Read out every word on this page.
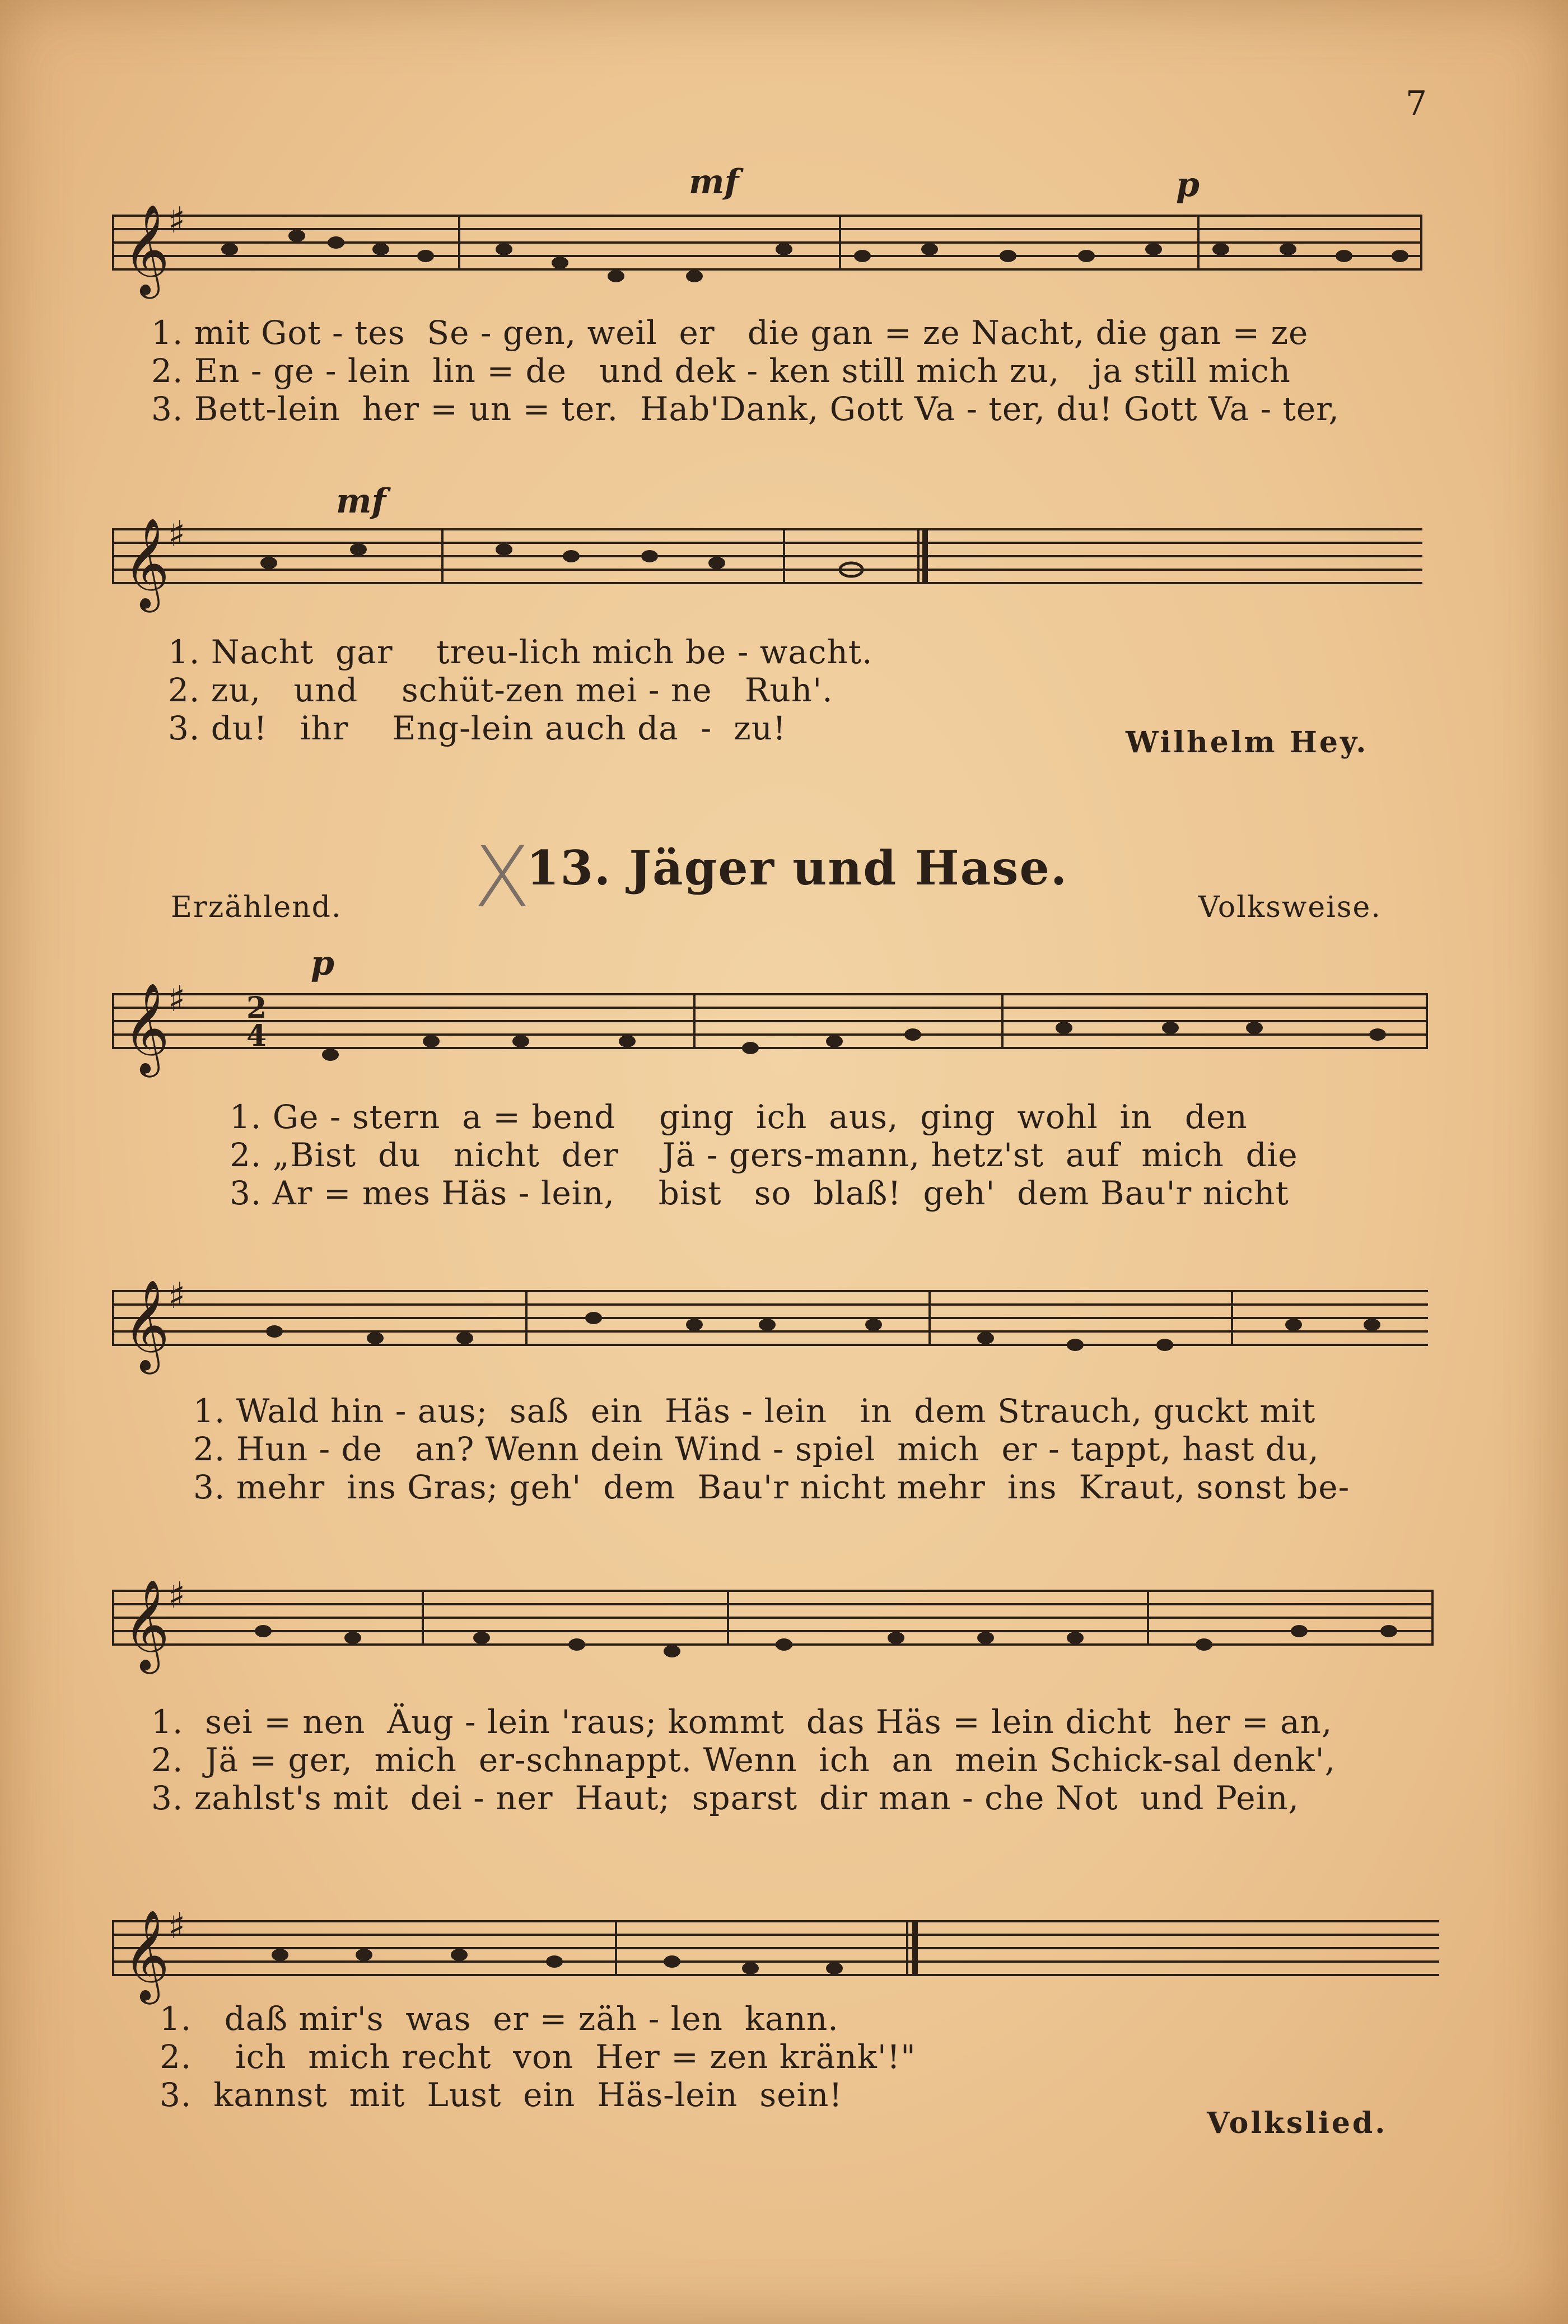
7
mf	p
𝄞
♯
1. mit Got - tes  Se - gen, weil  er   die gan = ze Nacht, die gan = ze
2. En - ge - lein  lin = de   und dek - ken still mich zu,   ja still mich
3. Bett-lein  her = un = ter.  Hab'Dank, Gott Va - ter, du! Gott Va - ter,
mf
𝄞
♯
1. Nacht  gar    treu-lich mich be - wacht.
2. zu,   und    schüt-zen mei - ne   Ruh'.
3. du!   ihr    Eng-lein auch da  -  zu!	Wilhelm Hey.
X
13. Jäger und Hase.
Erzählend.	Volksweise.
p
𝄞
♯ 2
4
1. Ge - stern  a = bend    ging  ich  aus,  ging  wohl  in   den
2. „Bist  du   nicht  der    Jä - gers-mann, hetz'st  auf  mich  die
3. Ar = mes Häs - lein,    bist   so  blaß!  geh'  dem Bau'r nicht
𝄞
♯
1. Wald hin - aus;  saß  ein  Häs - lein   in  dem Strauch, guckt mit
2. Hun - de   an? Wenn dein Wind - spiel  mich  er - tappt, hast du,
3. mehr  ins Gras; geh'  dem  Bau'r nicht mehr  ins  Kraut, sonst be-
𝄞
♯
1.  sei = nen  Äug - lein 'raus; kommt  das Häs = lein dicht  her = an,
2.  Jä = ger,  mich  er-schnappt. Wenn  ich  an  mein Schick-sal denk',
3. zahlst's mit  dei - ner  Haut;  sparst  dir man - che Not  und Pein,
𝄞
♯
1.   daß mir's  was  er = zäh - len  kann.
2.    ich  mich recht  von  Her = zen kränk'!"
3.  kannst  mit  Lust  ein  Häs-lein  sein!
Volkslied.
